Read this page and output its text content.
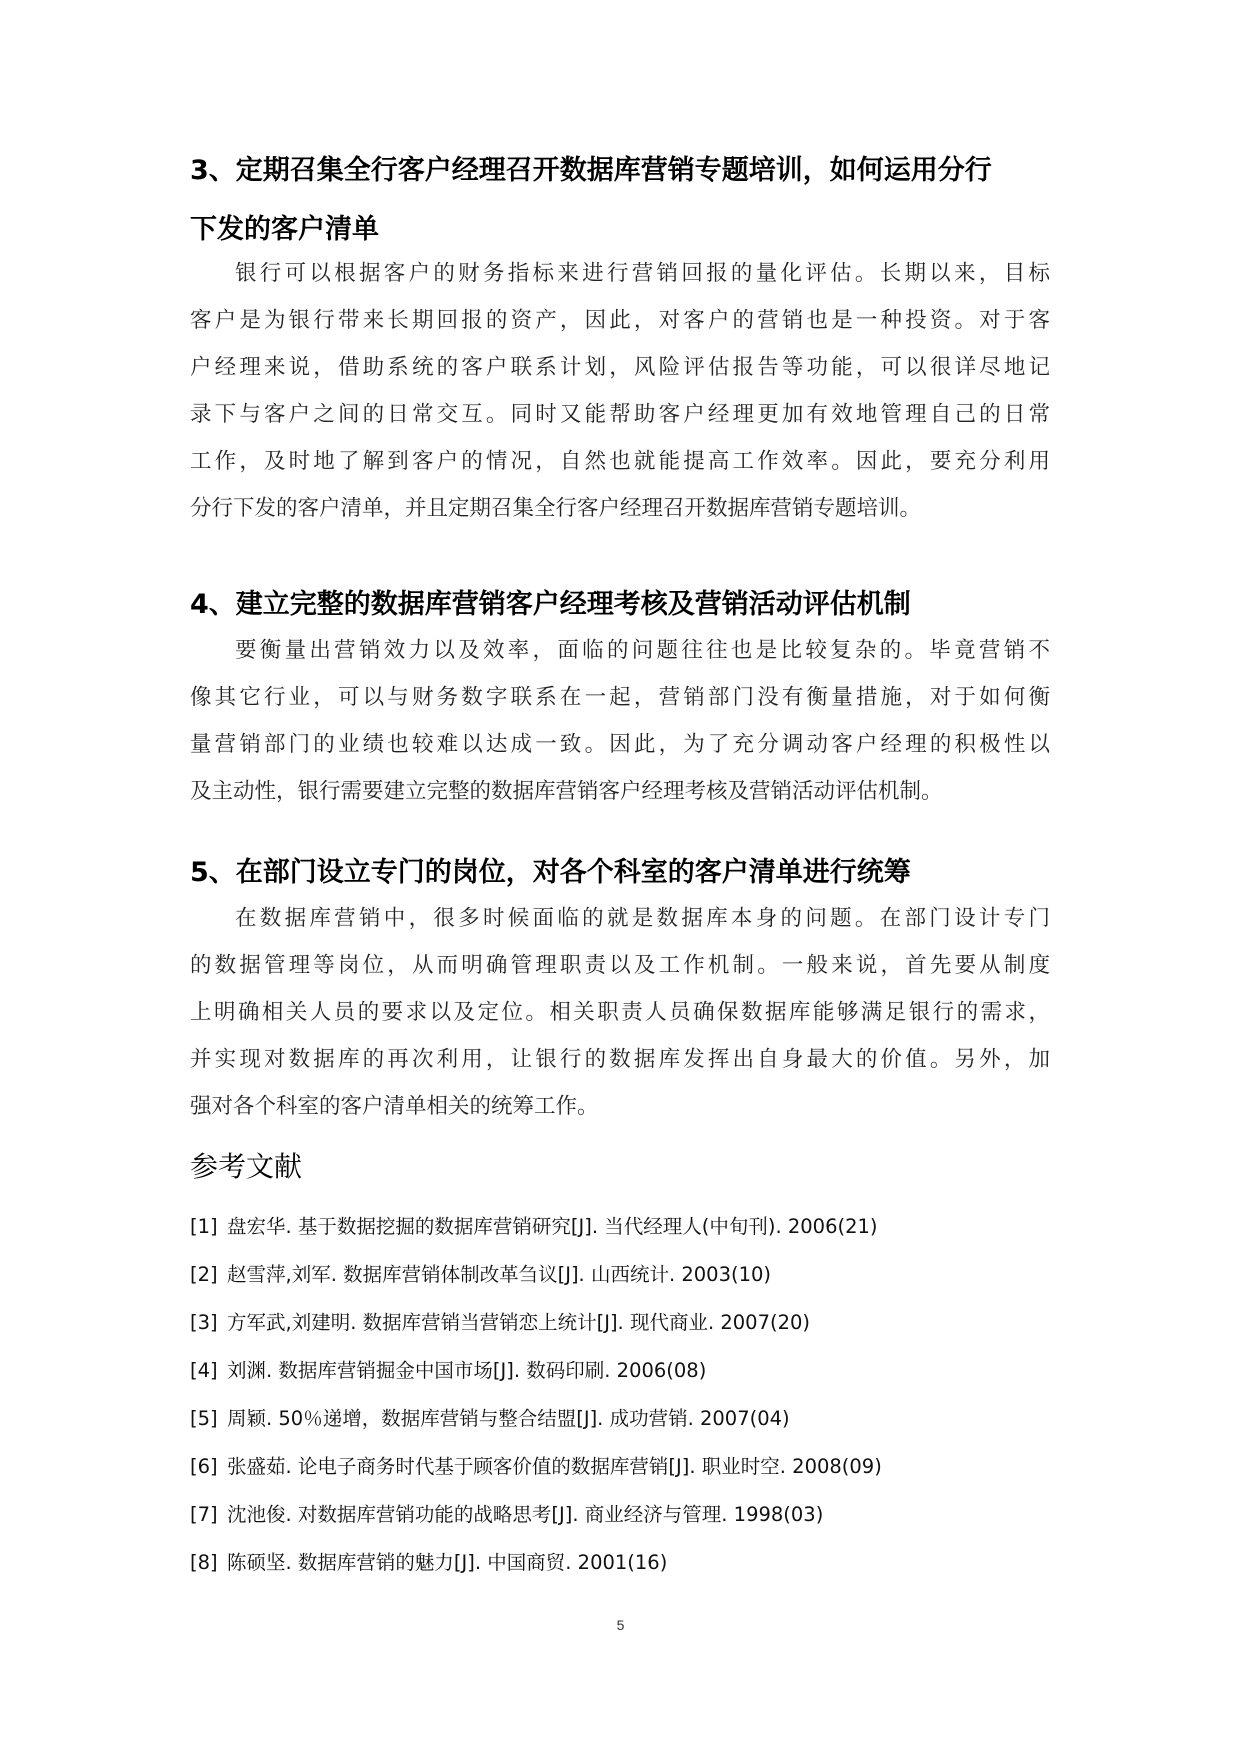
3、定期召集全行客户经理召开数据库营销专题培训，如何运用分行
下发的客户清单
银行可以根据客户的财务指标来进行营销回报的量化评估。长期以来，目标
客户是为银行带来长期回报的资产，因此，对客户的营销也是一种投资。对于客
户经理来说，借助系统的客户联系计划，风险评估报告等功能，可以很详尽地记
录下与客户之间的日常交互。同时又能帮助客户经理更加有效地管理自己的日常
工作，及时地了解到客户的情况，自然也就能提高工作效率。因此，要充分利用
分行下发的客户清单，并且定期召集全行客户经理召开数据库营销专题培训。
4、建立完整的数据库营销客户经理考核及营销活动评估机制
要衡量出营销效力以及效率，面临的问题往往也是比较复杂的。毕竟营销不
像其它行业，可以与财务数字联系在一起，营销部门没有衡量措施，对于如何衡
量营销部门的业绩也较难以达成一致。因此，为了充分调动客户经理的积极性以
及主动性，银行需要建立完整的数据库营销客户经理考核及营销活动评估机制。
5、在部门设立专门的岗位，对各个科室的客户清单进行统筹
在数据库营销中，很多时候面临的就是数据库本身的问题。在部门设计专门
的数据管理等岗位，从而明确管理职责以及工作机制。一般来说，首先要从制度
上明确相关人员的要求以及定位。相关职责人员确保数据库能够满足银行的需求，
并实现对数据库的再次利用，让银行的数据库发挥出自身最大的价值。另外，加
强对各个科室的客户清单相关的统筹工作。
参考文献
[1] 盘宏华. 基于数据挖掘的数据库营销研究[J]. 当代经理人(中旬刊). 2006(21)
[2] 赵雪萍,刘军. 数据库营销体制改革刍议[J]. 山西统计. 2003(10)
[3] 方军武,刘建明. 数据库营销当营销恋上统计[J]. 现代商业. 2007(20)
[4] 刘渊. 数据库营销掘金中国市场[J]. 数码印刷. 2006(08)
[5] 周颖. 50％递增，数据库营销与整合结盟[J]. 成功营销. 2007(04)
[6] 张盛茹. 论电子商务时代基于顾客价值的数据库营销[J]. 职业时空. 2008(09)
[7] 沈池俊. 对数据库营销功能的战略思考[J]. 商业经济与管理. 1998(03)
[8] 陈硕坚. 数据库营销的魅力[J]. 中国商贸. 2001(16)
5
